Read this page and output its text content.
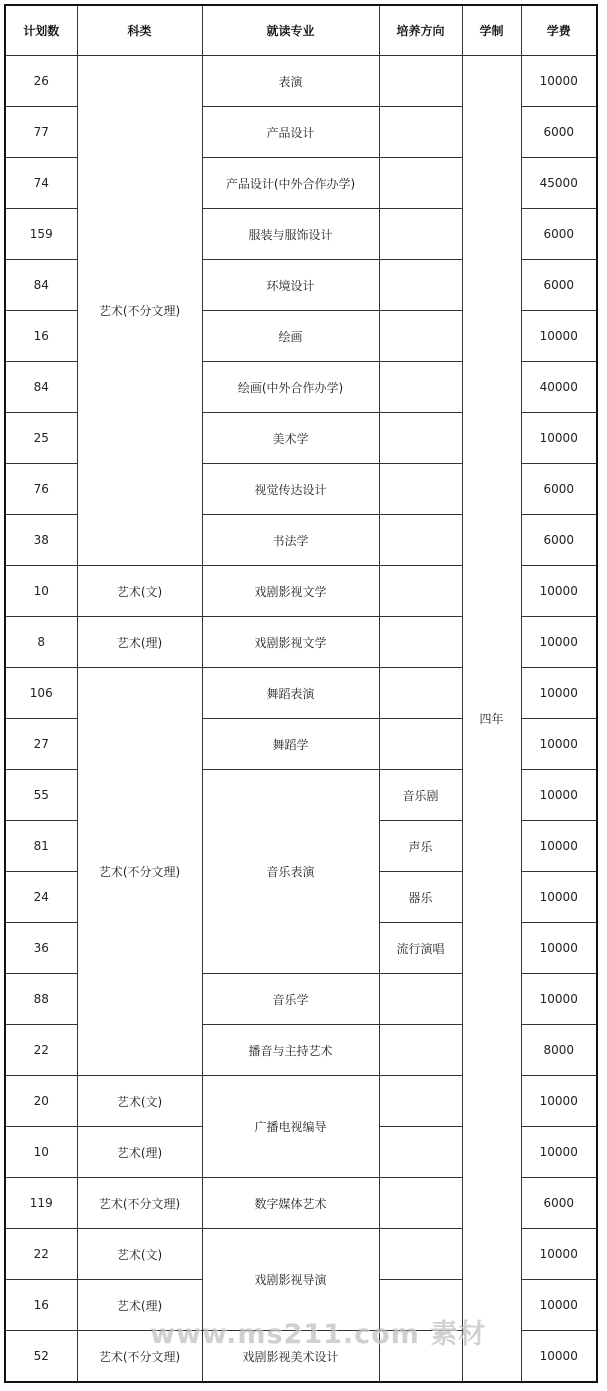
计划数	科类	就读专业	培养方向	学制	学费
26	艺术(不分文理)	表演		四年	10000
77		产品设计			6000
74		产品设计(中外合作办学)			45000
159		服装与服饰设计			6000
84		环境设计			6000
16		绘画			10000
84		绘画(中外合作办学)			40000
25		美术学			10000
76		视觉传达设计			6000
38		书法学			6000
10	艺术(文)	戏剧影视文学			10000
8	艺术(理)	戏剧影视文学			10000
106	艺术(不分文理)	舞蹈表演			10000
27		舞蹈学			10000
55		音乐表演	音乐剧		10000
81			声乐		10000
24			器乐		10000
36			流行演唱		10000
88		音乐学			10000
22		播音与主持艺术			8000
20	艺术(文)	广播电视编导			10000
10	艺术(理)				10000
119	艺术(不分文理)	数字媒体艺术			6000
22	艺术(文)	戏剧影视导演			10000
16	艺术(理)				10000
52	艺术(不分文理)	戏剧影视美术设计			10000
www.ms211.com 素材
